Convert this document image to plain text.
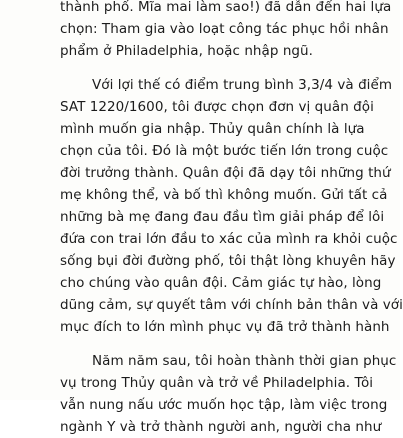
thành phố. Mĩa mai làm sao!) đã dẫn đến hai lựa
chọn: Tham gia vào loạt công tác phục hồi nhân
phẩm ở Philadelphia, hoặc nhập ngũ.
Với lợi thế có điểm trung bình 3,3/4 và điểm
SAT 1220/1600, tôi được chọn đơn vị quân đội
mình muốn gia nhập. Thủy quân chính là lựa
chọn của tôi. Đó là một bước tiến lớn trong cuộc
đời trưởng thành. Quân đội đã dạy tôi những thứ
mẹ không thể, và bố thì không muốn. Gửi tất cả
những bà mẹ đang đau đầu tìm giải pháp để lôi
đứa con trai lớn đầu to xác của mình ra khỏi cuộc
sống bụi đời đường phố, tôi thật lòng khuyên hãy
cho chúng vào quân đội. Cảm giác tự hào, lòng
dũng cảm, sự quyết tâm với chính bản thân và với
mục đích to lớn mình phục vụ đã trở thành hành
Năm năm sau, tôi hoàn thành thời gian phục
vụ trong Thủy quân và trở về Philadelphia. Tôi
vẫn nung nấu ước muốn học tập, làm việc trong
ngành Y và trở thành người anh, người cha như
